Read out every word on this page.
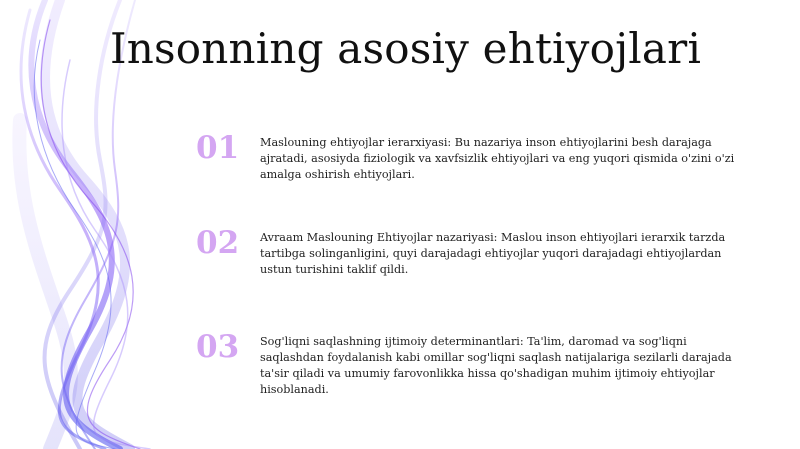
Insonning asosiy ehtiyojlari
01	Maslouning ehtiyojlar ierarxiyasi: Bu nazariya inson ehtiyojlarini besh darajaga ajratadi, asosiyda fiziologik va xavfsizlik ehtiyojlari va eng yuqori qismida o'zini o'zi amalga oshirish ehtiyojlari.
02	Avraam Maslouning Ehtiyojlar nazariyasi: Maslou inson ehtiyojlari ierarxik tarzda tartibga solinganligini, quyi darajadagi ehtiyojlar yuqori darajadagi ehtiyojlardan ustun turishini taklif qildi.
03	Sog'liqni saqlashning ijtimoiy determinantlari: Ta'lim, daromad va sog'liqni saqlashdan foydalanish kabi omillar sog'liqni saqlash natijalariga sezilarli darajada ta'sir qiladi va umumiy farovonlikka hissa qo'shadigan muhim ijtimoiy ehtiyojlar hisoblanadi.
